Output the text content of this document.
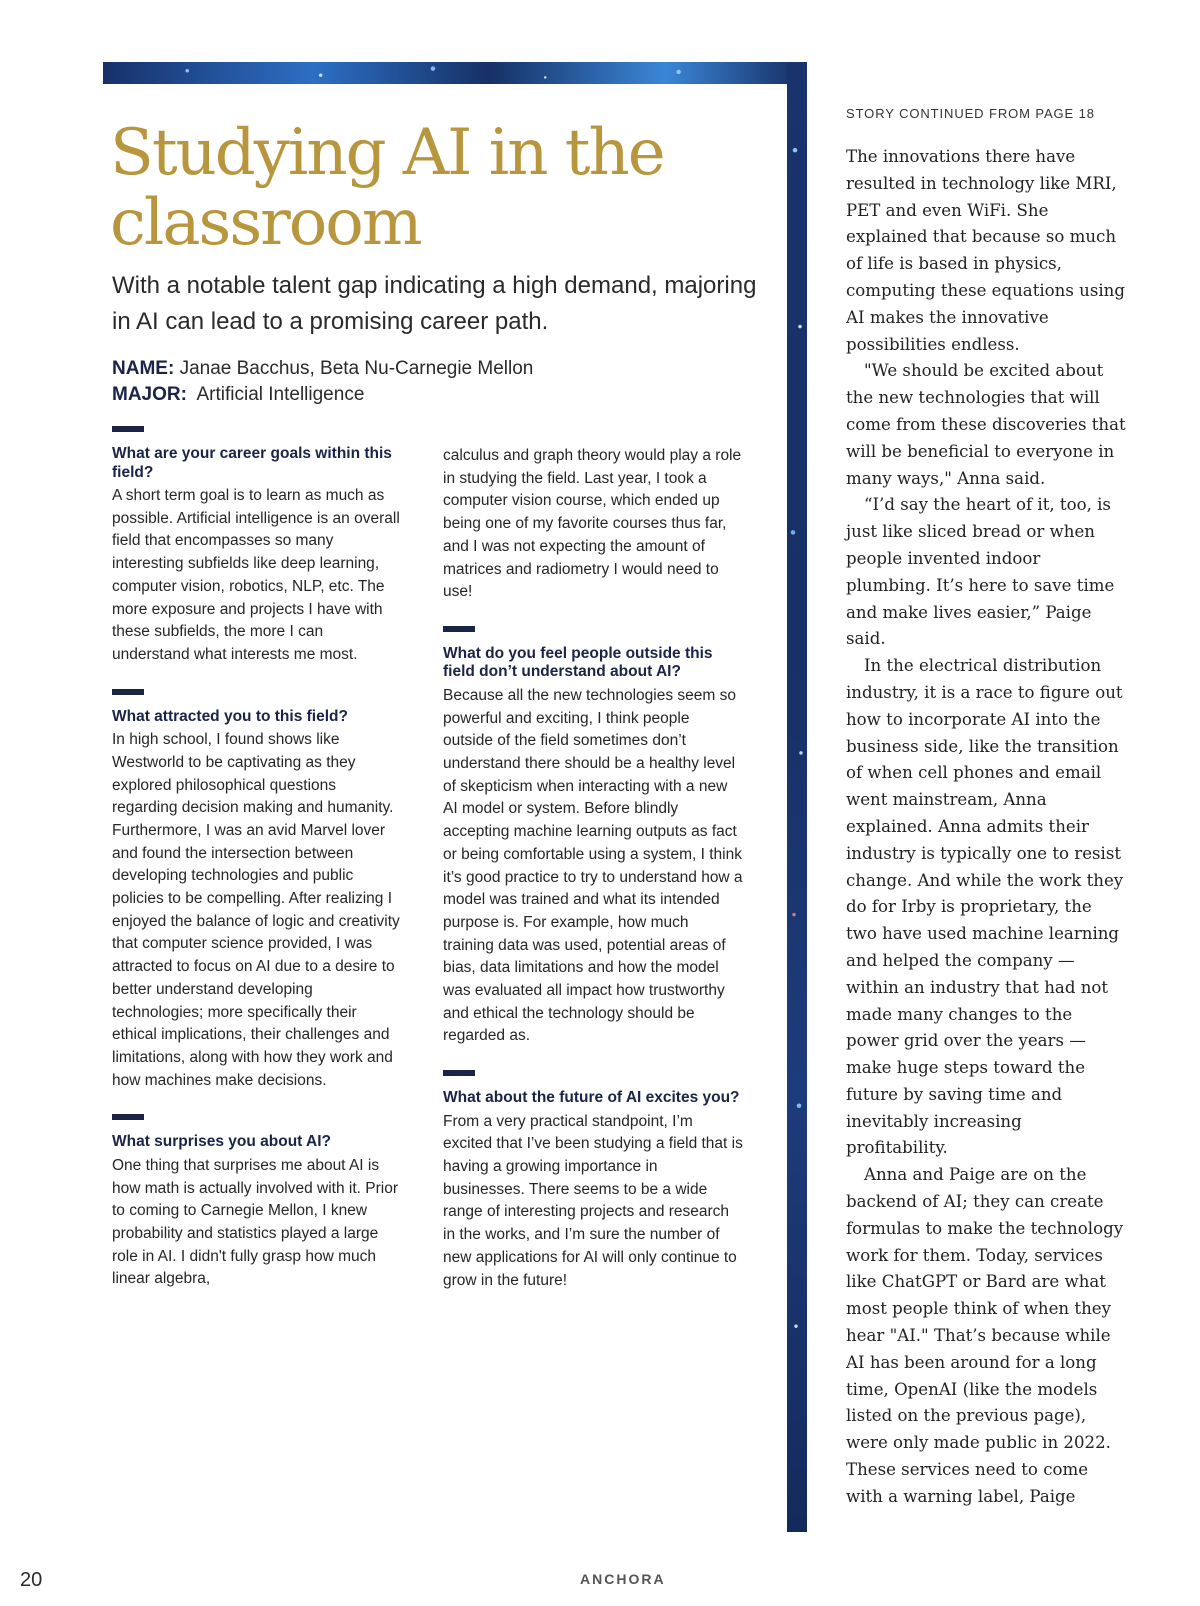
Studying AI in the classroom

With a notable talent gap indicating a high demand, majoring in AI can lead to a promising career path.

NAME: Janae Bacchus, Beta Nu-Carnegie Mellon

MAJOR: Artificial Intelligence

What are your career goals within this field?

A short term goal is to learn as much as possible. Artificial intelligence is an overall field that encompasses so many interesting subfields like deep learning, computer vision, robotics, NLP, etc. The more exposure and projects I have with these subfields, the more I can understand what interests me most.

What attracted you to this field?

In high school, I found shows like Westworld to be captivating as they explored philosophical questions regarding decision making and humanity. Furthermore, I was an avid Marvel lover and found the intersection between developing technologies and public policies to be compelling. After realizing I enjoyed the balance of logic and creativity that computer science provided, I was attracted to focus on AI due to a desire to better understand developing technologies; more specifically their ethical implications, their challenges and limitations, along with how they work and how machines make decisions.

What surprises you about AI?

One thing that surprises me about AI is how math is actually involved with it. Prior to coming to Carnegie Mellon, I knew probability and statistics played a large role in AI. I didn't fully grasp how much linear algebra,

calculus and graph theory would play a role in studying the field. Last year, I took a computer vision course, which ended up being one of my favorite courses thus far, and I was not expecting the amount of matrices and radiometry I would need to use!

What do you feel people outside this field don’t understand about AI?

Because all the new technologies seem so powerful and exciting, I think people outside of the field sometimes don’t understand there should be a healthy level of skepticism when interacting with a new AI model or system. Before blindly accepting machine learning outputs as fact or being comfortable using a system, I think it’s good practice to try to understand how a model was trained and what its intended purpose is. For example, how much training data was used, potential areas of bias, data limitations and how the model was evaluated all impact how trustworthy and ethical the technology should be regarded as.

What about the future of AI excites you?

From a very practical standpoint, I’m excited that I’ve been studying a field that is having a growing importance in businesses. There seems to be a wide range of interesting projects and research in the works, and I’m sure the number of new applications for AI will only continue to grow in the future!

STORY CONTINUED FROM PAGE 18

The innovations there have resulted in technology like MRI, PET and even WiFi. She explained that because so much of life is based in physics, computing these equations using AI makes the innovative possibilities endless.

"We should be excited about the new technologies that will come from these discoveries that will be beneficial to everyone in many ways," Anna said.

“I’d say the heart of it, too, is just like sliced bread or when people invented indoor plumbing. It’s here to save time and make lives easier,” Paige said.

In the electrical distribution industry, it is a race to figure out how to incorporate AI into the business side, like the transition of when cell phones and email went mainstream, Anna explained. Anna admits their industry is typically one to resist change. And while the work they do for Irby is proprietary, the two have used machine learning and helped the company — within an industry that had not made many changes to the power grid over the years — make huge steps toward the future by saving time and inevitably increasing profitability.

Anna and Paige are on the backend of AI; they can create formulas to make the technology work for them. Today, services like ChatGPT or Bard are what most people think of when they hear "AI." That’s because while AI has been around for a long time, OpenAI (like the models listed on the previous page), were only made public in 2022. These services need to come with a warning label, Paige

20	ANCHORA
